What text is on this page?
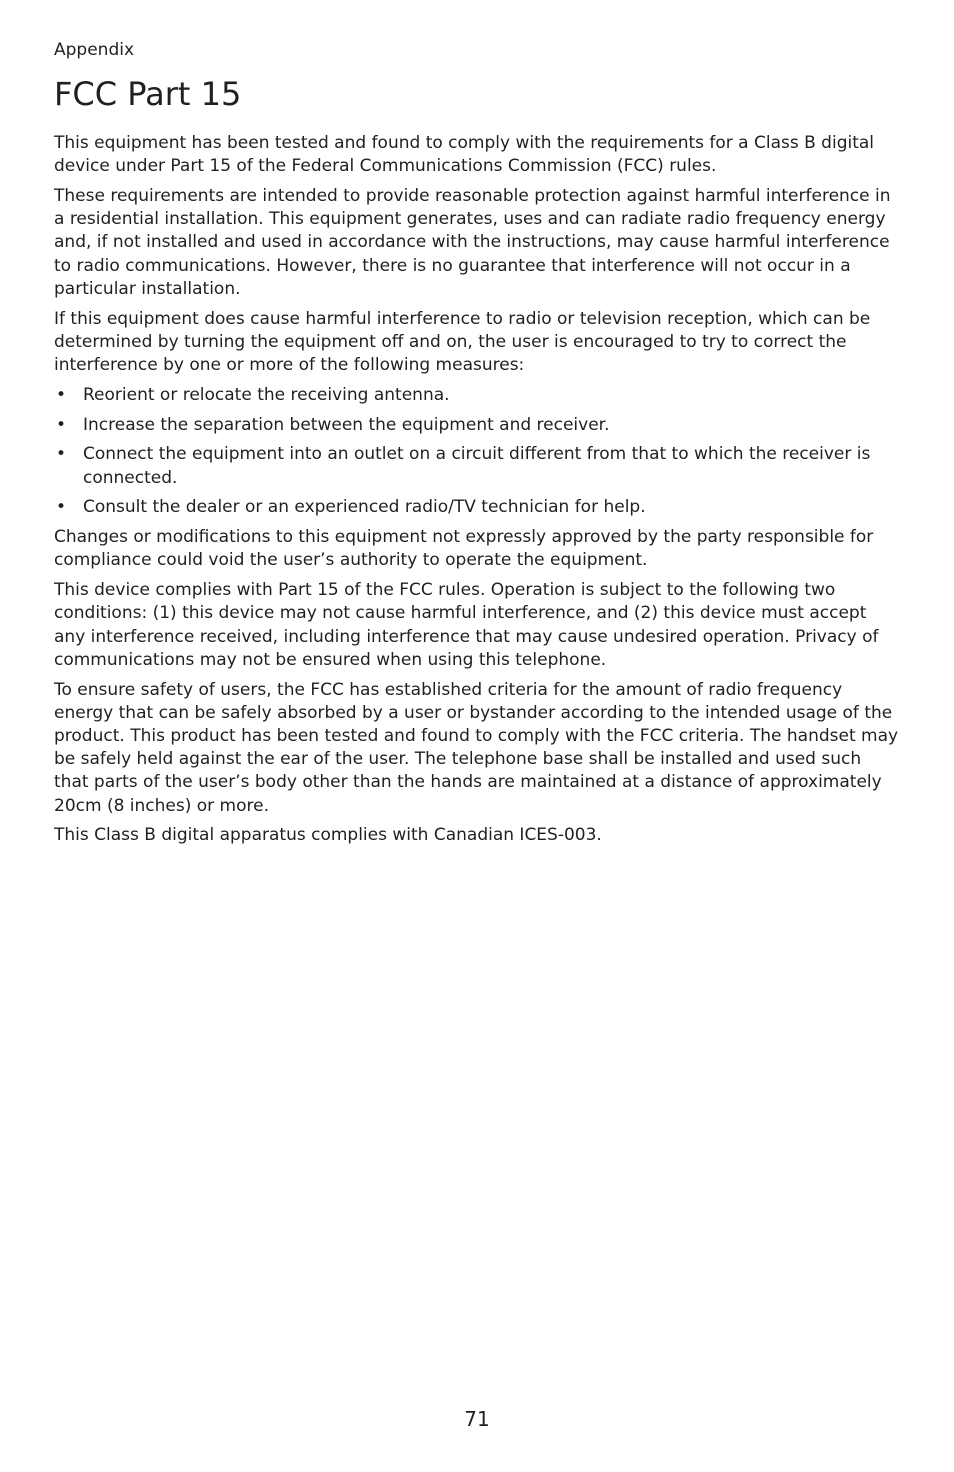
Appendix
FCC Part 15

This equipment has been tested and found to comply with the requirements for a Class B digital device under Part 15 of the Federal Communications Commission (FCC) rules.

These requirements are intended to provide reasonable protection against harmful interference in a residential installation. This equipment generates, uses and can radiate radio frequency energy and, if not installed and used in accordance with the instructions, may cause harmful interference to radio communications. However, there is no guarantee that interference will not occur in a particular installation.

If this equipment does cause harmful interference to radio or television reception, which can be determined by turning the equipment off and on, the user is encouraged to try to correct the interference by one or more of the following measures:

• Reorient or relocate the receiving antenna.
• Increase the separation between the equipment and receiver.
• Connect the equipment into an outlet on a circuit different from that to which the receiver is connected.
• Consult the dealer or an experienced radio/TV technician for help.

Changes or modifications to this equipment not expressly approved by the party responsible for compliance could void the user’s authority to operate the equipment.

This device complies with Part 15 of the FCC rules. Operation is subject to the following two conditions: (1) this device may not cause harmful interference, and (2) this device must accept any interference received, including interference that may cause undesired operation. Privacy of communications may not be ensured when using this telephone.

To ensure safety of users, the FCC has established criteria for the amount of radio frequency energy that can be safely absorbed by a user or bystander according to the intended usage of the product. This product has been tested and found to comply with the FCC criteria. The handset may be safely held against the ear of the user. The telephone base shall be installed and used such that parts of the user’s body other than the hands are maintained at a distance of approximately 20cm (8 inches) or more.

This Class B digital apparatus complies with Canadian ICES-003.

71
